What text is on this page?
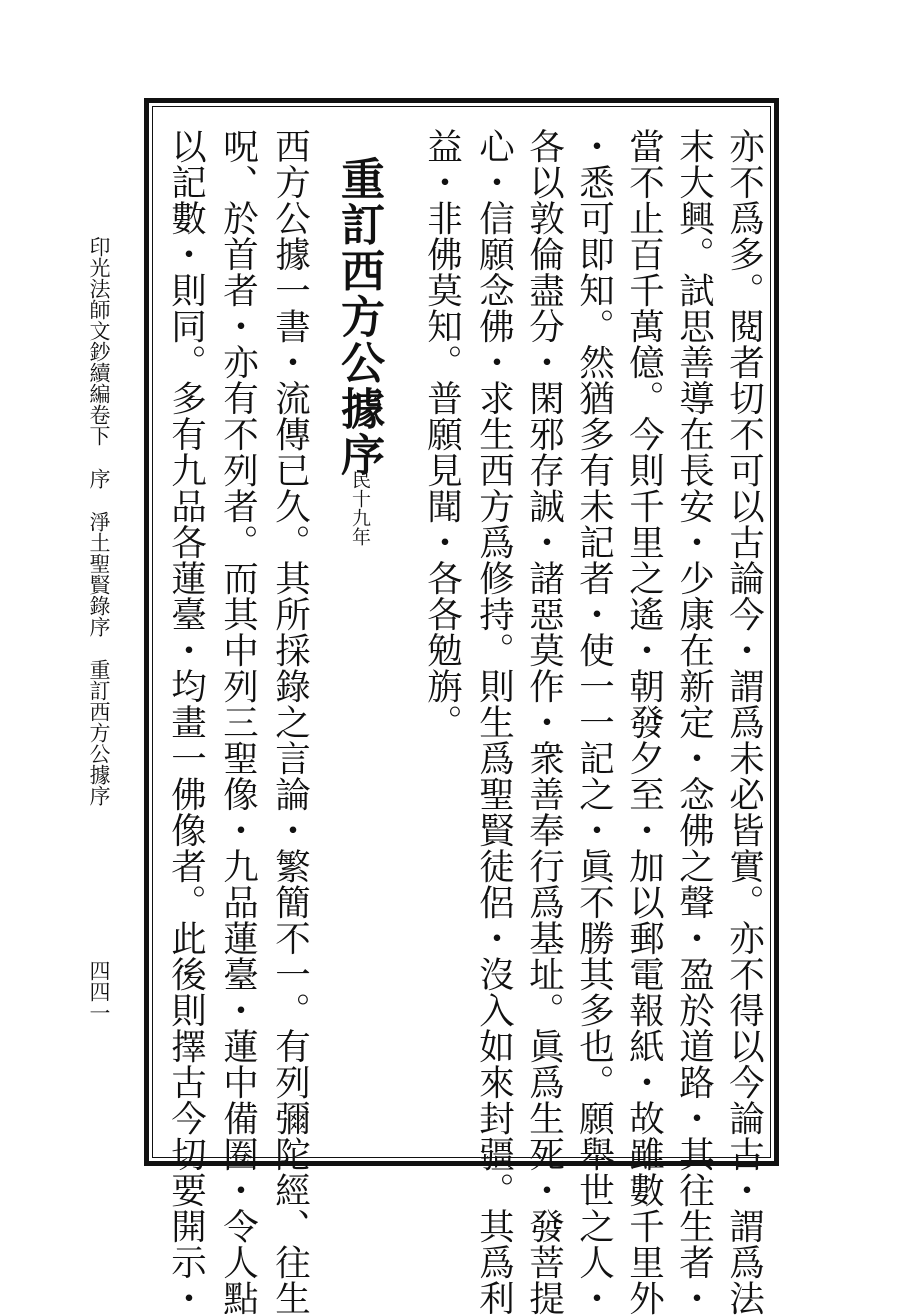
亦不爲多。閱者切不可以古論今・謂爲未必皆實。亦不得以今論古・謂爲法
末大興。試思善導在長安・少康在新定・念佛之聲・盈於道路・其往生者・
當不止百千萬億。今則千里之遙・朝發夕至・加以郵電報紙・故雖數千里外
・悉可即知。然猶多有未記者・使一一記之・眞不勝其多也。願舉世之人・
各以敦倫盡分・閑邪存誠・諸惡莫作・衆善奉行爲基址。眞爲生死・發菩提
心・信願念佛・求生西方爲修持。則生爲聖賢徒侶・沒入如來封疆。其爲利
益・非佛莫知。普願見聞・各各勉旃。
重訂西方公據序
民十九年
西方公據一書・流傳已久。其所採錄之言論・繁簡不一。有列彌陀經、往生
呪、於首者・亦有不列者。而其中列三聖像・九品蓮臺・蓮中備圈・令人點
以記數・則同。多有九品各蓮臺・均畫一佛像者。此後則擇古今切要開示・
印光法師文鈔續編卷下序淨土聖賢錄序重訂西方公據序
四四一
